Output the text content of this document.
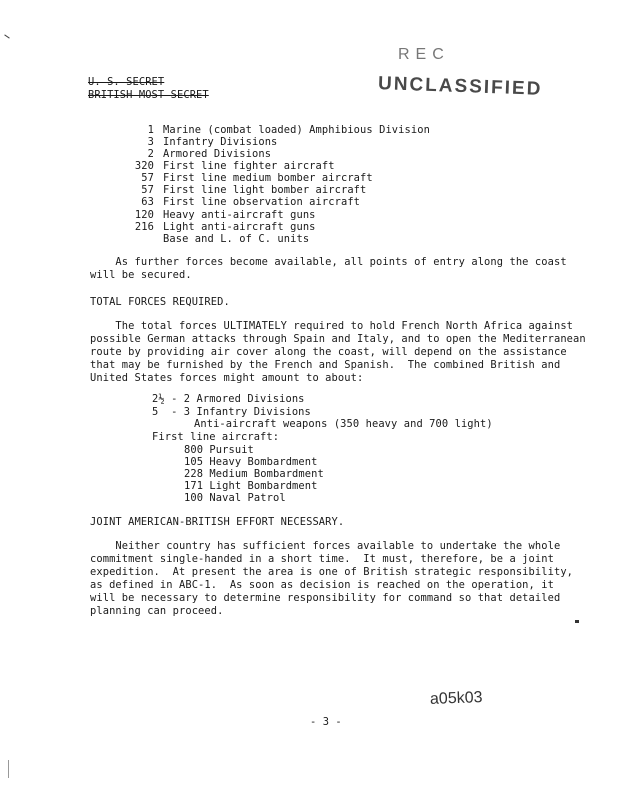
U. S. SECRET
BRITISH MOST SECRET
REC
UNCLASSIFIED
1 Marine (combat loaded) Amphibious Division
3 Infantry Divisions
2 Armored Divisions
320 First line fighter aircraft
57 First line medium bomber aircraft
57 First line light bomber aircraft
63 First line observation aircraft
120 Heavy anti-aircraft guns
216 Light anti-aircraft guns
Base and L. of C. units
As further forces become available, all points of entry along the coast
will be secured.
TOTAL FORCES REQUIRED.
The total forces ULTIMATELY required to hold French North Africa against
possible German attacks through Spain and Italy, and to open the Mediterranean
route by providing air cover along the coast, will depend on the assistance
that may be furnished by the French and Spanish.  The combined British and
United States forces might amount to about:
2½ - 2 Armored Divisions
5  - 3 Infantry Divisions
Anti-aircraft weapons (350 heavy and 700 light)
First line aircraft:
800 Pursuit
105 Heavy Bombardment
228 Medium Bombardment
171 Light Bombardment
100 Naval Patrol
JOINT AMERICAN-BRITISH EFFORT NECESSARY.
Neither country has sufficient forces available to undertake the whole
commitment single-handed in a short time.  It must, therefore, be a joint
expedition.  At present the area is one of British strategic responsibility,
as defined in ABC-1.  As soon as decision is reached on the operation, it
will be necessary to determine responsibility for command so that detailed
planning can proceed.
a05k03
- 3 -
